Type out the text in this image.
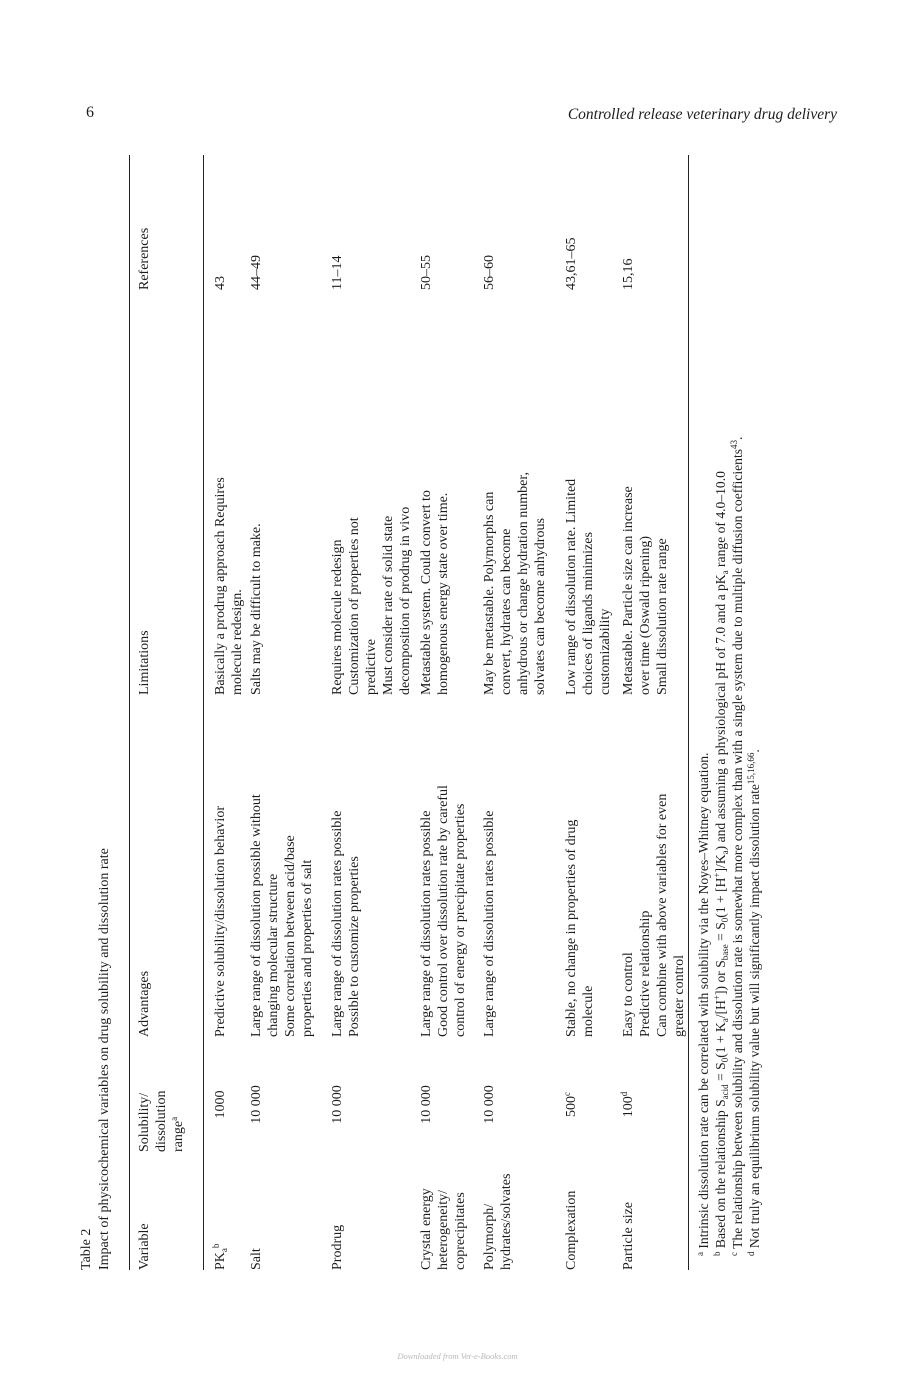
6	Controlled release veterinary drug delivery
Table 2 Impact of physicochemical variables on drug solubility and dissolution rate Variable
Solubility/ dissolution range$^a$
Advantages
Limitations
References
$PK_a^b$
1000
Predictive solubility/dissolution behavior
Basically a prodrug approach Requires molecule redesign.
43
Salt
10 000
Large range of dissolution possible without changing molecular structure Some correlation between acid/base properties and properties of salt
Salts may be difficult to make.
44–49
Prodrug
10 000
Large range of dissolution rates possible Possible to customize properties
Requires molecule redesign Customization of properties not predictive Must consider rate of solid state decomposition of prodrug in vivo
11–14
Crystal energy heterogeneity/ coprecipitates
10 000
Large range of dissolution rates possible Good control over dissolution rate by careful control of energy or precipitate properties
Metastable system. Could convert to homogenous energy state over time.
50–55
Polymorph/ hydrates/solvates
10 000
Large range of dissolution rates possible
May be metastable. Polymorphs can convert, hydrates can become anhydrous or change hydration number, solvates can become anhydrous
56–60
Complexation
500$^c$
Stable, no change in properties of drug molecule
Low range of dissolution rate. Limited choices of ligands minimizes customizability
43,61–65
Particle size
100$^d$
Easy to control Predictive relationship Can combine with above variables for even greater control
Metastable. Particle size can increase over time (Oswald ripening) Small dissolution rate range
15,16
$^a$ Intrinsic dissolution rate can be correlated with solubility via the Noyes–Whitney equation.
$^b$ Based on the relationship $S_{acid} = S_0(1 + K_a/[H^+])$ or $S_{base} = S_0(1 + [H^+]/K_a)$ and assuming a physiological pH of 7.0 and a $pK_a$ range of 4.0–10.0
$^c$ The relationship between solubility and dissolution rate is somewhat more complex than with a single system due to multiple diffusion coefficients$^{43}$.
$^d$ Not truly an equilibrium solubility value but will significantly impact dissolution rate$^{15,16,66}$.
Downloaded from Vet-e-Books.com
